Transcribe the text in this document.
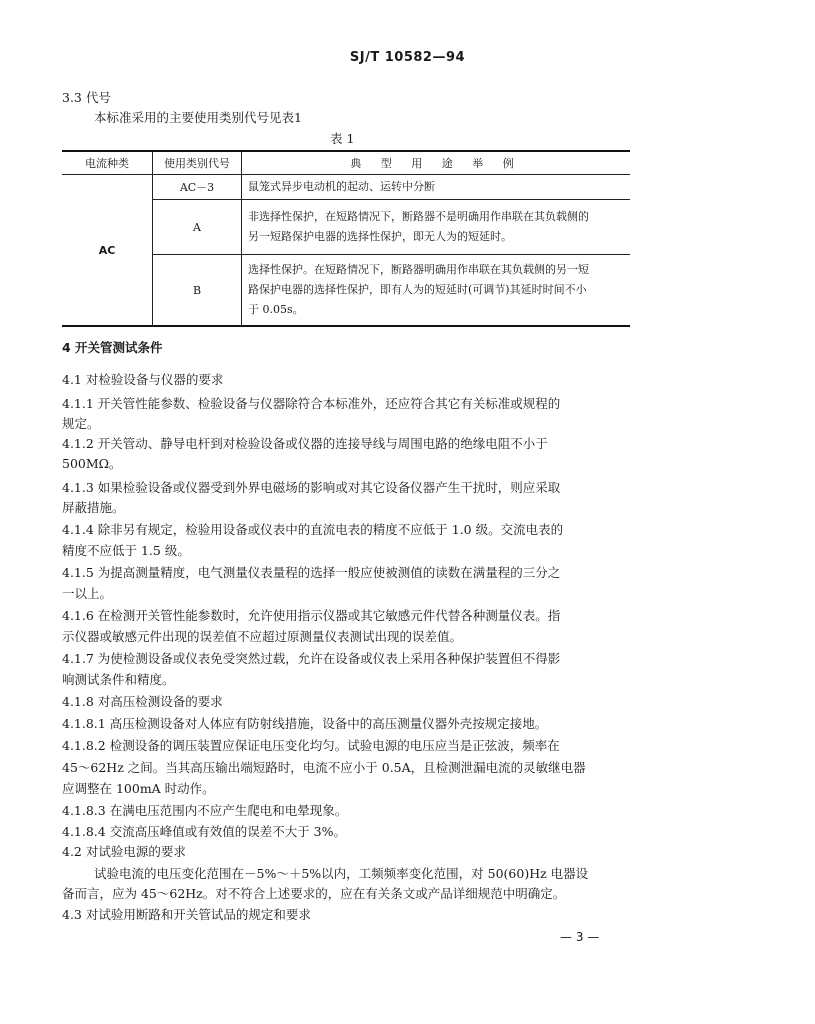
SJ/T 10582—94
3.3 代号
本标准采用的主要使用类别代号见表1
表 1
电流种类	使用类别代号	典 型 用 途 举 例
AC	AC－3	鼠笼式异步电动机的起动、运转中分断

	A	非选择性保护，在短路情况下，断路器不是明确用作串联在其负载侧的
另一短路保护电器的选择性保护，即无人为的短延时。

	B	选择性保护。在短路情况下，断路器明确用作串联在其负载侧的另一短
路保护电器的选择性保护，即有人为的短延时(可调节)其延时时间不小
于 0.05s。
4 开关管测试条件
4.1 对检验设备与仪器的要求
4.1.1 开关管性能参数、检验设备与仪器除符合本标准外，还应符合其它有关标准或规程的
规定。
4.1.2 开关管动、静导电杆到对检验设备或仪器的连接导线与周围电路的绝缘电阻不小于
500MΩ。
4.1.3 如果检验设备或仪器受到外界电磁场的影响或对其它设备仪器产生干扰时，则应采取
屏蔽措施。
4.1.4 除非另有规定，检验用设备或仪表中的直流电表的精度不应低于 1.0 级。交流电表的
精度不应低于 1.5 级。
4.1.5 为提高测量精度，电气测量仪表量程的选择一般应使被测值的读数在满量程的三分之
一以上。
4.1.6 在检测开关管性能参数时，允许使用指示仪器或其它敏感元件代替各种测量仪表。指
示仪器或敏感元件出现的误差值不应超过原测量仪表测试出现的误差值。
4.1.7 为使检测设备或仪表免受突然过载，允许在设备或仪表上采用各种保护装置但不得影
响测试条件和精度。
4.1.8 对高压检测设备的要求
4.1.8.1 高压检测设备对人体应有防射线措施，设备中的高压测量仪器外壳按规定接地。
4.1.8.2 检测设备的调压装置应保证电压变化均匀。试验电源的电压应当是正弦波，频率在
45～62Hz 之间。当其高压输出端短路时，电流不应小于 0.5A，且检测泄漏电流的灵敏继电器
应调整在 100mA 时动作。
4.1.8.3 在满电压范围内不应产生爬电和电晕现象。
4.1.8.4 交流高压峰值或有效值的误差不大于 3%。
4.2 对试验电源的要求
试验电流的电压变化范围在－5%～＋5%以内，工频频率变化范围，对 50(60)Hz 电器设
备而言，应为 45～62Hz。对不符合上述要求的，应在有关条文或产品详细规范中明确定。
4.3 对试验用断路和开关管试品的规定和要求
— 3 —
